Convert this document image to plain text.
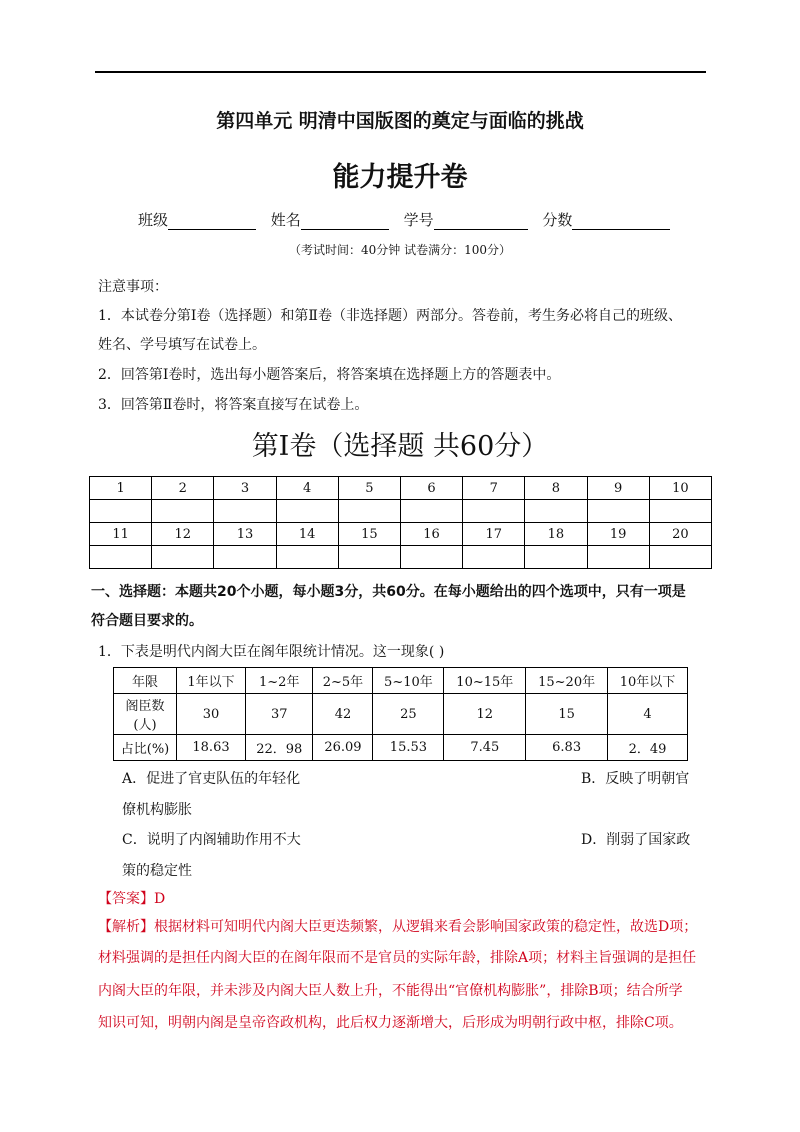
第四单元 明清中国版图的奠定与面临的挑战
能力提升卷
班级	姓名	学号	分数
（考试时间：40分钟 试卷满分：100分）
注意事项：
1．本试卷分第Ⅰ卷（选择题）和第Ⅱ卷（非选择题）两部分。答卷前，考生务必将自己的班级、
姓名、学号填写在试卷上。
2．回答第Ⅰ卷时，选出每小题答案后，将答案填在选择题上方的答题表中。
3．回答第Ⅱ卷时，将答案直接写在试卷上。
第Ⅰ卷（选择题 共60分）
1	2	3	4	5	6	7	8	9	10

11	12	13	14	15	16	17	18	19	20

一、选择题：本题共20个小题，每小题3分，共60分。在每小题给出的四个选项中，只有一项是
符合题目要求的。
1．下表是明代内阁大臣在阁年限统计情况。这一现象( )
年限	1年以下	1~2年	2~5年	5~10年	10~15年	15~20年	10年以下
阁臣数(人)	30	37	42	25	12	15	4
占比(%)	18.63	22．98	26.09	15.53	7.45	6.83	2．49
A．促进了官吏队伍的年轻化	B．反映了明朝官
僚机构膨胀
C．说明了内阁辅助作用不大	D．削弱了国家政
策的稳定性
【答案】D
【解析】根据材料可知明代内阁大臣更迭频繁，从逻辑来看会影响国家政策的稳定性，故选D项；
材料强调的是担任内阁大臣的在阁年限而不是官员的实际年龄，排除A项；材料主旨强调的是担任
内阁大臣的年限，并未涉及内阁大臣人数上升，不能得出“官僚机构膨胀”，排除B项；结合所学
知识可知，明朝内阁是皇帝咨政机构，此后权力逐渐增大，后形成为明朝行政中枢，排除C项。
